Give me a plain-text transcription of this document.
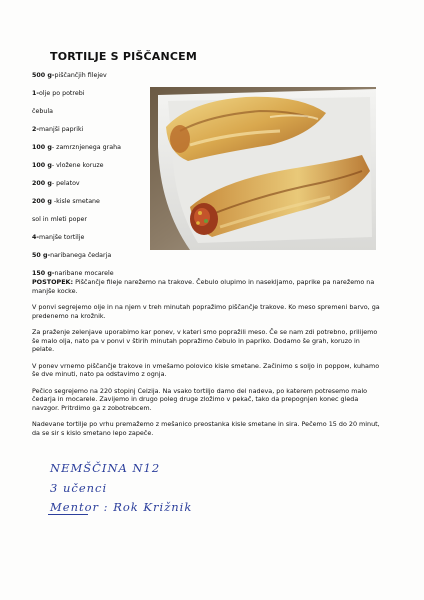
TORTILJE S PIŠČANCEM
500 g-piščančjih filejev
1-olje po potrebi
čebula
2-manjši papriki
100 g- zamrznjenega graha
100 g- vloženе koruze
200 g- pelatov
200 g -kisle smetane
sol in mleti poper
4-manjše tortilje
50 g-naribanega čedarja
150 g-naribane mocarele

POSTOPEK: Piščančje fileje narežemo na trakove. Čebulo olupimo in nasekljamo, paprike pa narežemo na manjše kocke.

V ponvi segrejemo olje in na njem v treh minutah popražimo piščančje trakove. Ko meso spremeni barvo, ga predenemo na krožnik.

Za praženje zelenjave uporabimo kar ponev, v kateri smo popražili meso. Če se nam zdi potrebno, prilijemo še malo olja, nato pa v ponvi v štirih minutah popražimo čebulo in papriko. Dodamo še grah, koruzo in pelate.

V ponev vrnemo piščančje trakove in vmešamo polovico kisle smetane. Začinimo s soljo in popром, kuhamo še dve minuti, nato pa odstavimo z ognja.

Pečico segrejemo na 220 stopinj Celzija. Na vsako tortiljo damo del nadeva, po katerem potresemo malo čedarja in mocarele. Zavijemo in drugo poleg druge zložimo v pekač, tako da prepognjen konec gleda navzgor. Pritrdimo ga z zobotrebcem.

Nadevane tortilje po vrhu premažemo z mešanico preostanka kisle smetane in sira. Pečemo 15 do 20 minut, da se sir s kislo smetano lepo zapeče.

NEMŠČINA N12
3 učenci
Mentor : Rok Križnik
